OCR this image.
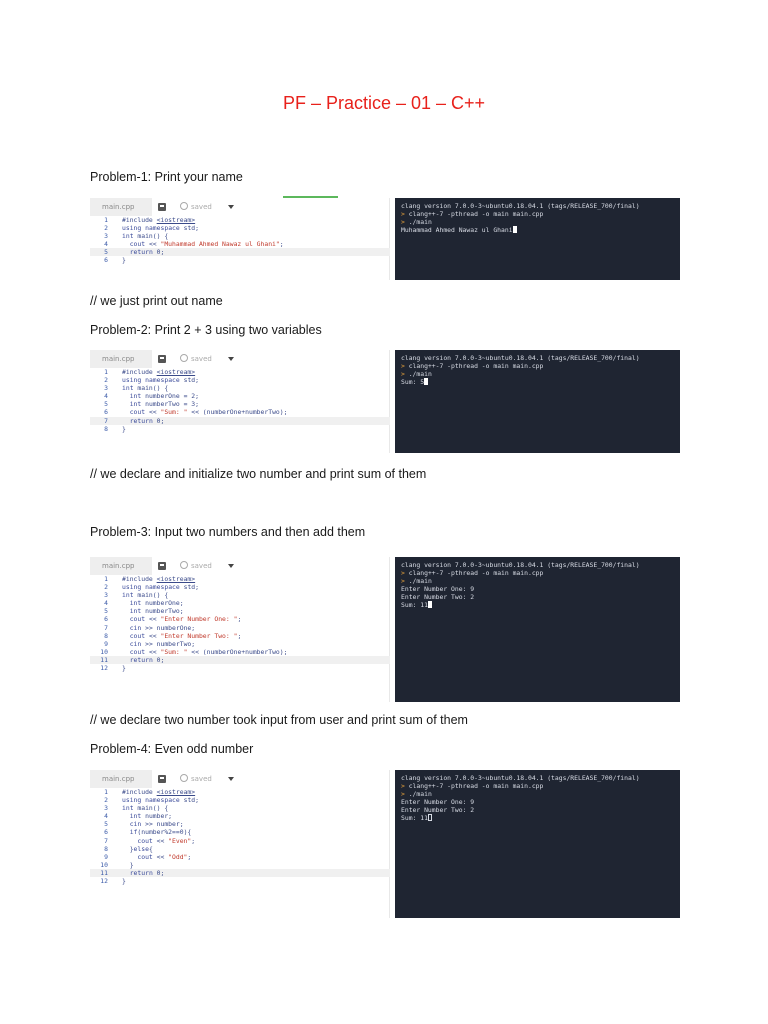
PF – Practice – 01 – C++
Problem-1: Print your name
main.cpp	saved
1 #include <iostream>
2 using namespace std;
3 int main() {
4	cout << "Muhammad Ahmed Nawaz ul Ghani";
5	return 0;
6 }
clang version 7.0.0-3~ubuntu0.18.04.1 (tags/RELEASE_700/final)
> clang++-7 -pthread -o main main.cpp
> ./main
Muhammad Ahmed Nawaz ul Ghani
// we just print out name
Problem-2: Print 2 + 3 using two variables
main.cpp	saved
1 #include <iostream>
2 using namespace std;
3 int main() {
4	int numberOne = 2;
5	int numberTwo = 3;
6	cout << "Sum: " << (numberOne+numberTwo);
7	return 0;
8 }
clang version 7.0.0-3~ubuntu0.18.04.1 (tags/RELEASE_700/final)
> clang++-7 -pthread -o main main.cpp
> ./main
Sum: 5
// we declare and initialize two number and print sum of them
Problem-3: Input two numbers and then add them
main.cpp	saved
1 #include <iostream>
2 using namespace std;
3 int main() {
4	int numberOne;
5	int numberTwo;
6	cout << "Enter Number One: ";
7	cin >> numberOne;
8	cout << "Enter Number Two: ";
9	cin >> numberTwo;
10	cout << "Sum: " << (numberOne+numberTwo);
11	return 0;
12 }
clang version 7.0.0-3~ubuntu0.18.04.1 (tags/RELEASE_700/final)
> clang++-7 -pthread -o main main.cpp
> ./main
Enter Number One: 9
Enter Number Two: 2
Sum: 11
// we declare two number took input from user and print sum of them
Problem-4: Even odd number
main.cpp	saved
1 #include <iostream>
2 using namespace std;
3 int main() {
4	int number;
5	cin >> number;
6	if(number%2==0){
7	cout << "Even";
8 }else{
9	cout << "Odd";
10 }
11	return 0;
12 }
clang version 7.0.0-3~ubuntu0.18.04.1 (tags/RELEASE_700/final)
> clang++-7 -pthread -o main main.cpp
> ./main
Enter Number One: 9
Enter Number Two: 2
Sum: 11
